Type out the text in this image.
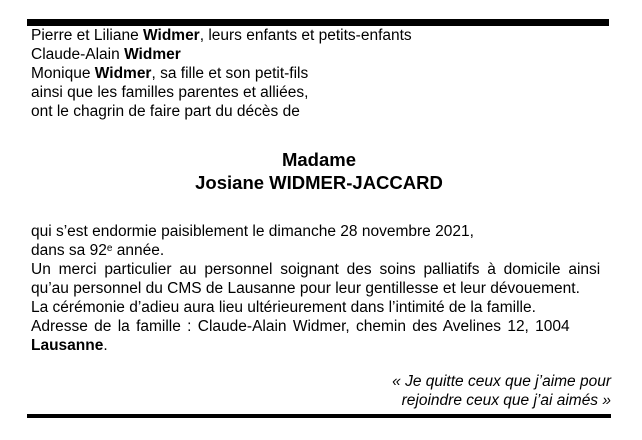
Pierre et Liliane Widmer, leurs enfants et petits-enfants
Claude-Alain Widmer
Monique Widmer, sa fille et son petit-fils
ainsi que les familles parentes et alliées,
ont le chagrin de faire part du décès de
Madame
Josiane WIDMER-JACCARD
qui s’est endormie paisiblement le dimanche 28 novembre 2021,
dans sa 92e année.
Un merci particulier au personnel soignant des soins palliatifs à domicile ainsi
qu’au personnel du CMS de Lausanne pour leur gentillesse et leur dévouement.
La cérémonie d’adieu aura lieu ultérieurement dans l’intimité de la famille.
Adresse de la famille : Claude-Alain Widmer, chemin des Avelines 12, 1004
Lausanne.
« Je quitte ceux que j’aime pour
rejoindre ceux que j’ai aimés »
